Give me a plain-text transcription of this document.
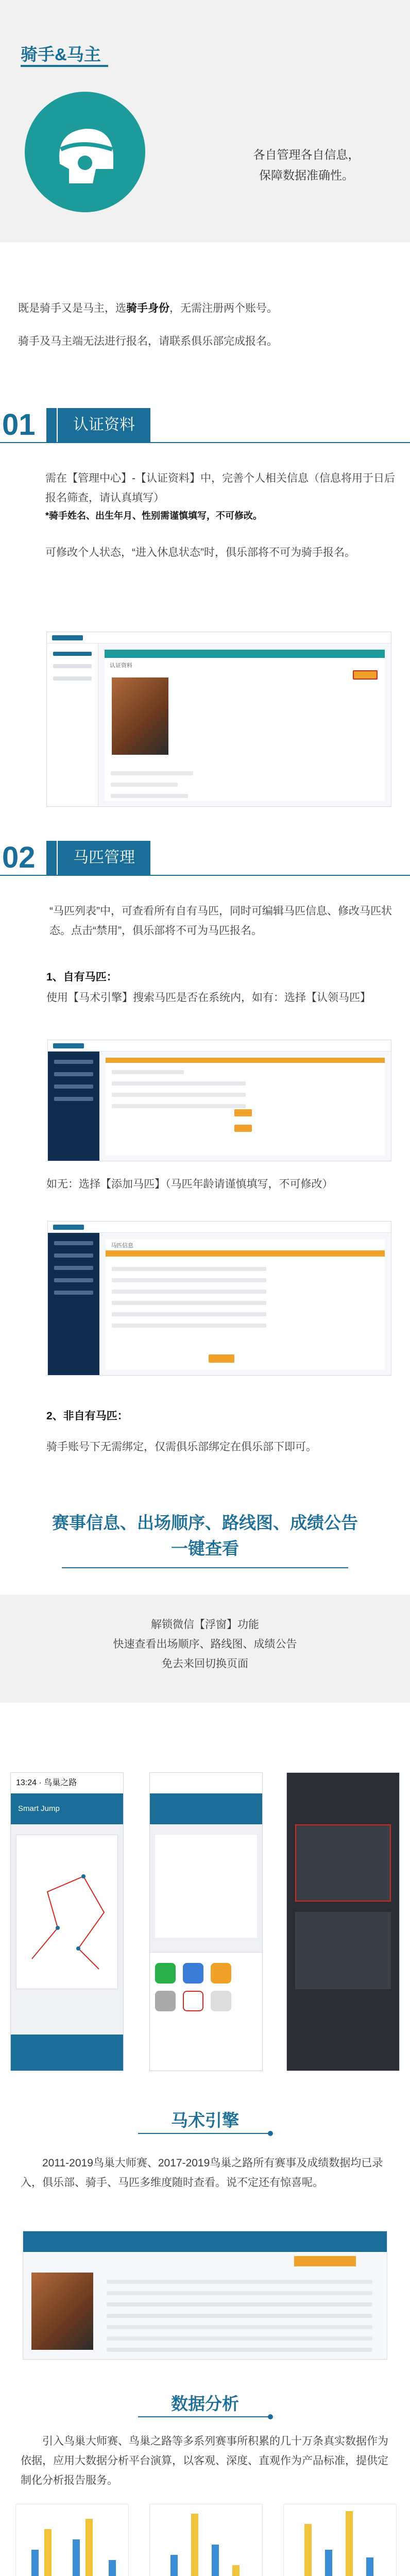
骑手&马主
各自管理各自信息，
保障数据准确性。

既是骑手又是马主，选骑手身份，无需注册两个账号。

骑手及马主端无法进行报名，请联系俱乐部完成报名。

01	认证资料

需在【管理中心】-【认证资料】中，完善个人相关信息（信息将用于日后报名筛查，请认真填写）

*骑手姓名、出生年月、性别需谨慎填写，不可修改。

可修改个人状态，“进入休息状态”时，俱乐部将不可为骑手报名。

认证资料
02	马匹管理

“马匹列表”中，可查看所有自有马匹，同时可编辑马匹信息、修改马匹状态。点击“禁用”，俱乐部将不可为马匹报名。

1、自有马匹：

使用【马术引擎】搜索马匹是否在系统内，如有：选择【认领马匹】

如无：选择【添加马匹】（马匹年龄请谨慎填写，不可修改）

马匹信息

2、非自有马匹：

骑手账号下无需绑定，仅需俱乐部绑定在俱乐部下即可。

赛事信息、出场顺序、路线图、成绩公告
一键查看

解锁微信【浮窗】功能

快速查看出场顺序、路线图、成绩公告

免去来回切换页面

13:24 · 鸟巢之路
Smart Jump
马术引擎

2011-2019鸟巢大师赛、2017-2019鸟巢之路所有赛事及成绩数据均已录入，俱乐部、骑手、马匹多维度随时查看。说不定还有惊喜呢。

数据分析

引入鸟巢大师赛、鸟巢之路等多系列赛事所积累的几十万条真实数据作为依据，应用大数据分析平台演算，以客观、深度、直观作为产品标准，提供定制化分析报告服务。
